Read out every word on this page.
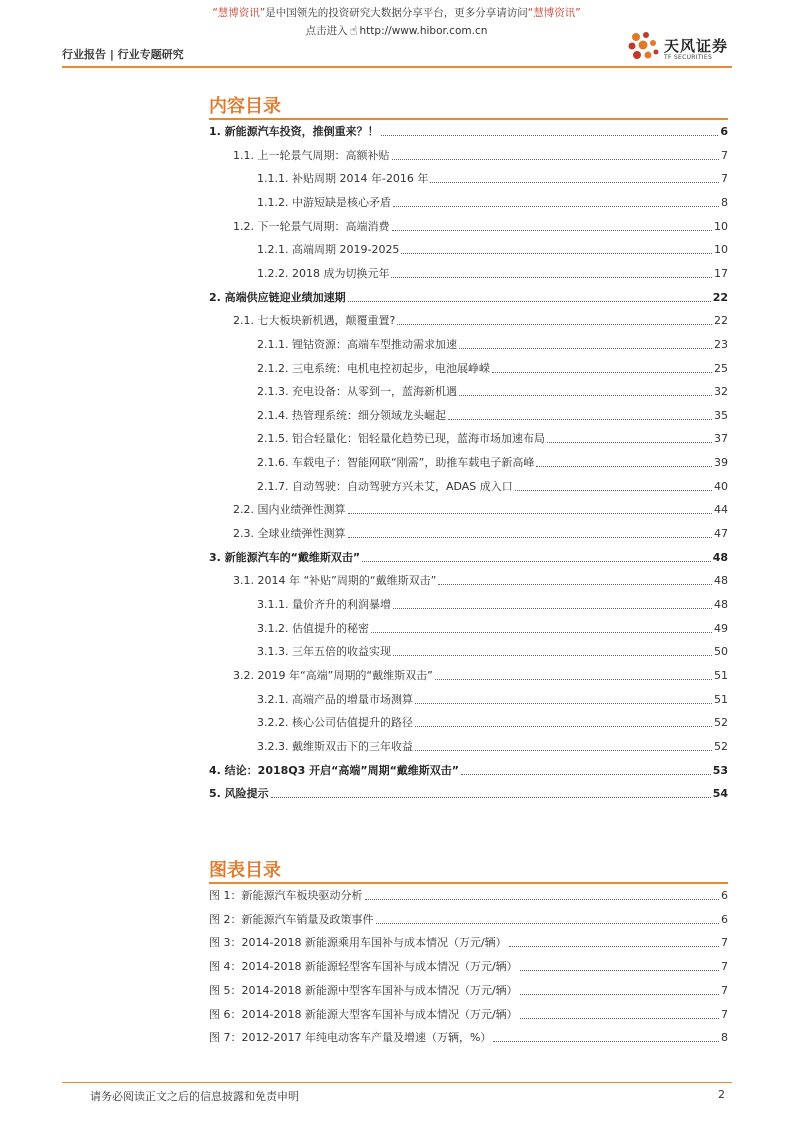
“慧博资讯”是中国领先的投资研究大数据分享平台，更多分享请访问“慧博资讯”
点击进入 ☝ http://www.hibor.com.cn
天风证券
TF SECURITIES
行业报告 | 行业专题研究
内容目录
1. 新能源汽车投资，推倒重来？！	6
1.1. 上一轮景气周期：高额补贴	7
1.1.1. 补贴周期 2014 年-2016 年	7
1.1.2. 中游短缺是核心矛盾	8
1.2. 下一轮景气周期：高端消费	10
1.2.1. 高端周期 2019-2025	10
1.2.2. 2018 成为切换元年	17
2. 高端供应链迎业绩加速期	22
2.1. 七大板块新机遇，颠覆重置?	22
2.1.1. 锂钴资源：高端车型推动需求加速	23
2.1.2. 三电系统：电机电控初起步，电池展峥嵘	25
2.1.3. 充电设备：从零到一，蓝海新机遇	32
2.1.4. 热管理系统：细分领域龙头崛起	35
2.1.5. 铝合轻量化：铝轻量化趋势已现，蓝海市场加速布局	37
2.1.6. 车载电子：智能网联“刚需”，助推车载电子新高峰	39
2.1.7. 自动驾驶：自动驾驶方兴未艾，ADAS 成入口	40
2.2. 国内业绩弹性测算	44
2.3. 全球业绩弹性测算	47
3. 新能源汽车的“戴维斯双击”	48
3.1. 2014 年 “补贴”周期的“戴维斯双击”	48
3.1.1. 量价齐升的利润暴增	48
3.1.2. 估值提升的秘密	49
3.1.3. 三年五倍的收益实现	50
3.2. 2019 年“高端”周期的“戴维斯双击”	51
3.2.1. 高端产品的增量市场测算	51
3.2.2. 核心公司估值提升的路径	52
3.2.3. 戴维斯双击下的三年收益	52
4. 结论：2018Q3 开启“高端”周期“戴维斯双击”	53
5. 风险提示	54
图表目录
图 1：新能源汽车板块驱动分析	6
图 2：新能源汽车销量及政策事件	6
图 3：2014-2018 新能源乘用车国补与成本情况（万元/辆）	7
图 4：2014-2018 新能源轻型客车国补与成本情况（万元/辆）	7
图 5：2014-2018 新能源中型客车国补与成本情况（万元/辆）	7
图 6：2014-2018 新能源大型客车国补与成本情况（万元/辆）	7
图 7：2012-2017 年纯电动客车产量及增速（万辆，%）	8
请务必阅读正文之后的信息披露和免责申明	2
